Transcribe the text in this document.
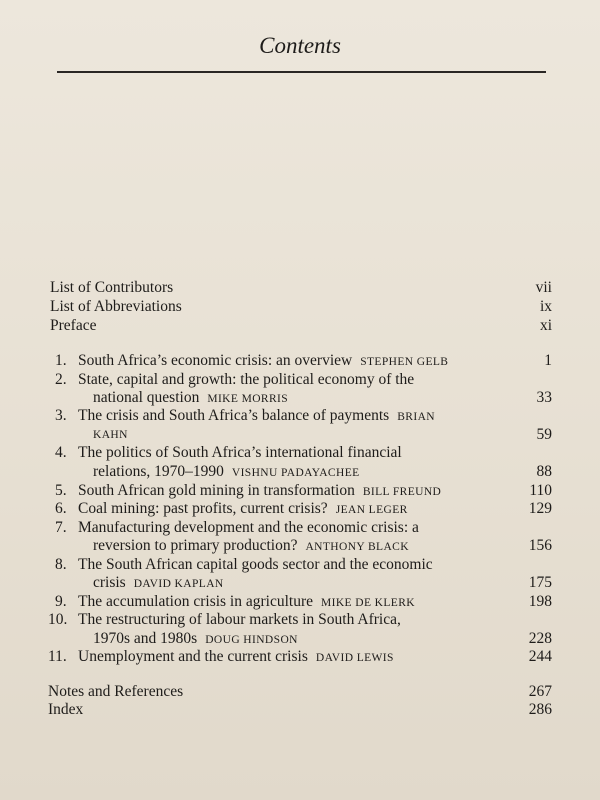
Contents
List of Contributors	vii
List of Abbreviations	ix
Preface	xi
1. South Africa’s economic crisis: an overview STEPHEN GELB	1
2. State, capital and growth: the political economy of the
national question MIKE MORRIS	33
3. The crisis and South Africa’s balance of payments BRIAN
KAHN	59
4. The politics of South Africa’s international financial
relations, 1970–1990 VISHNU PADAYACHEE	88
5. South African gold mining in transformation BILL FREUND	110
6. Coal mining: past profits, current crisis? JEAN LEGER	129
7. Manufacturing development and the economic crisis: a
reversion to primary production? ANTHONY BLACK	156
8. The South African capital goods sector and the economic
crisis DAVID KAPLAN	175
9. The accumulation crisis in agriculture MIKE DE KLERK	198
10. The restructuring of labour markets in South Africa,
1970s and 1980s DOUG HINDSON	228
11. Unemployment and the current crisis DAVID LEWIS	244
Notes and References	267
Index	286
